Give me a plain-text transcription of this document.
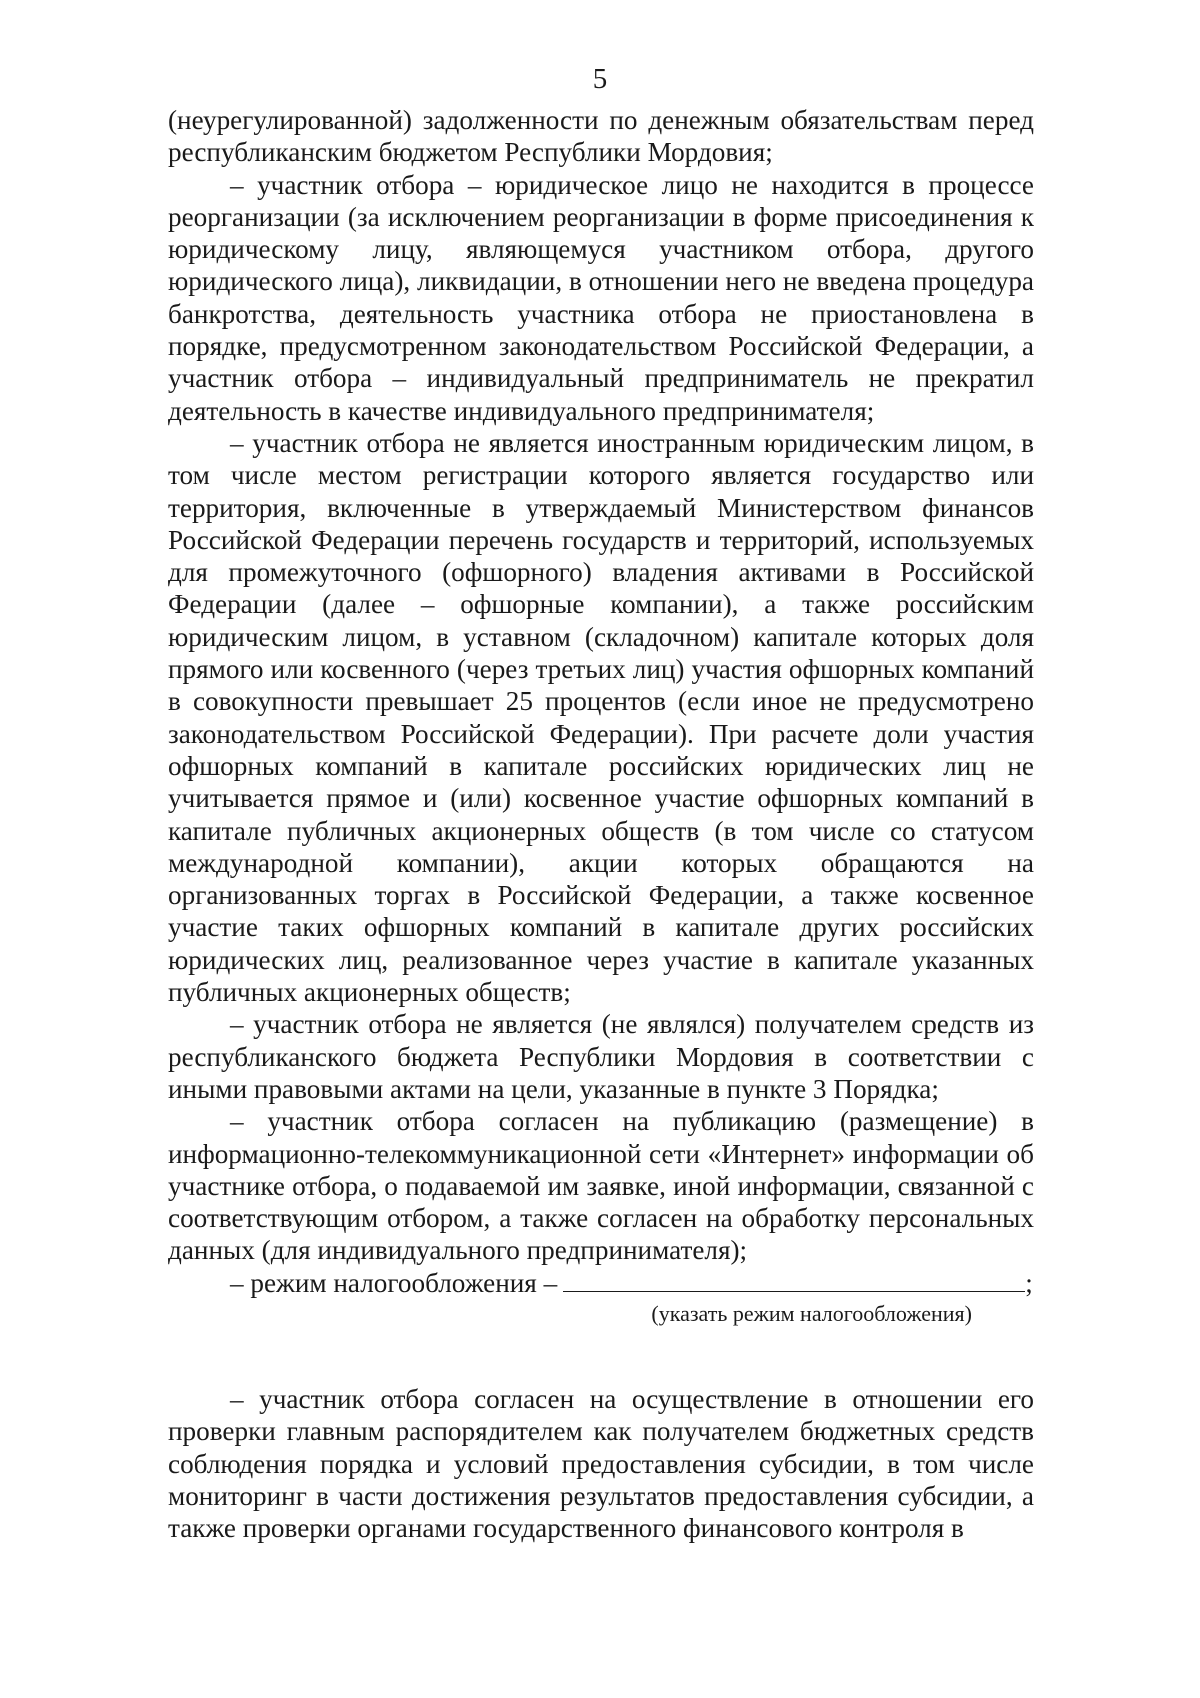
5

(неурегулированной) задолженности по денежным обязательствам перед республиканским бюджетом Республики Мордовия;

– участник отбора – юридическое лицо не находится в процессе реорганизации (за исключением реорганизации в форме присоединения к юридическому лицу, являющемуся участником отбора, другого юридического лица), ликвидации, в отношении него не введена процедура банкротства, деятельность участника отбора не приостановлена в порядке, предусмотренном законодательством Российской Федерации, а участник отбора – индивидуальный предприниматель не прекратил деятельность в качестве индивидуального предпринимателя;

– участник отбора не является иностранным юридическим лицом, в том числе местом регистрации которого является государство или территория, включенные в утверждаемый Министерством финансов Российской Федерации перечень государств и территорий, используемых для промежуточного (офшорного) владения активами в Российской Федерации (далее – офшорные компании), а также российским юридическим лицом, в уставном (складочном) капитале которых доля прямого или косвенного (через третьих лиц) участия офшорных компаний в совокупности превышает 25 процентов (если иное не предусмотрено законодательством Российской Федерации). При расчете доли участия офшорных компаний в капитале российских юридических лиц не учитывается прямое и (или) косвенное участие офшорных компаний в капитале публичных акционерных обществ (в том числе со статусом международной компании), акции которых обращаются на организованных торгах в Российской Федерации, а также косвенное участие таких офшорных компаний в капитале других российских юридических лиц, реализованное через участие в капитале указанных публичных акционерных обществ;

– участник отбора не является (не являлся) получателем средств из республиканского бюджета Республики Мордовия в соответствии с иными правовыми актами на цели, указанные в пункте 3 Порядка;

– участник отбора согласен на публикацию (размещение) в информационно-телекоммуникационной сети «Интернет» информации об участнике отбора, о подаваемой им заявке, иной информации, связанной с соответствующим отбором, а также согласен на обработку персональных данных (для индивидуального предпринимателя);

– режим налогообложения –	;
(указать режим налогообложения)

– участник отбора согласен на осуществление в отношении его проверки главным распорядителем как получателем бюджетных средств соблюдения порядка и условий предоставления субсидии, в том числе мониторинг в части достижения результатов предоставления субсидии, а также проверки органами государственного финансового контроля в
